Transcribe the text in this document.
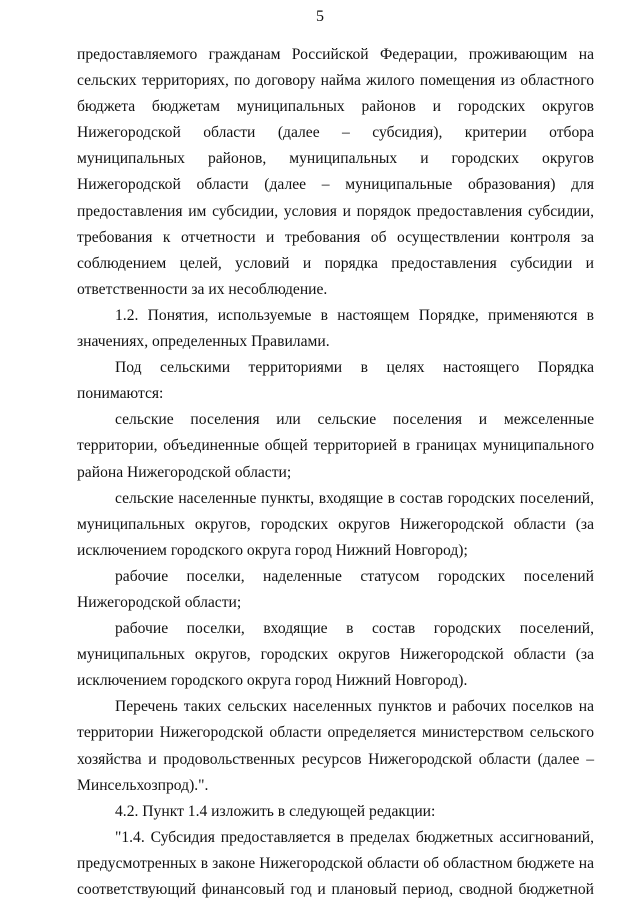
5

предоставляемого гражданам Российской Федерации, проживающим на сельских территориях, по договору найма жилого помещения из областного бюджета бюджетам муниципальных районов и городских округов Нижегородской области (далее – субсидия), критерии отбора муниципальных районов, муниципальных и городских округов Нижегородской области (далее – муниципальные образования) для предоставления им субсидии, условия и порядок предоставления субсидии, требования к отчетности и требования об осуществлении контроля за соблюдением целей, условий и порядка предоставления субсидии и ответственности за их несоблюдение.

1.2. Понятия, используемые в настоящем Порядке, применяются в значениях, определенных Правилами.

Под сельскими территориями в целях настоящего Порядка понимаются:

сельские поселения или сельские поселения и межселенные территории, объединенные общей территорией в границах муниципального района Нижегородской области;

сельские населенные пункты, входящие в состав городских поселений, муниципальных округов, городских округов Нижегородской области (за исключением городского округа город Нижний Новгород);

рабочие поселки, наделенные статусом городских поселений Нижегородской области;

рабочие поселки, входящие в состав городских поселений, муниципальных округов, городских округов Нижегородской области (за исключением городского округа город Нижний Новгород).

Перечень таких сельских населенных пунктов и рабочих поселков на территории Нижегородской области определяется министерством сельского хозяйства и продовольственных ресурсов Нижегородской области (далее – Минсельхозпрод).".

4.2. Пункт 1.4 изложить в следующей редакции:

"1.4. Субсидия предоставляется в пределах бюджетных ассигнований, предусмотренных в законе Нижегородской области об областном бюджете на соответствующий финансовый год и плановый период, сводной бюджетной
